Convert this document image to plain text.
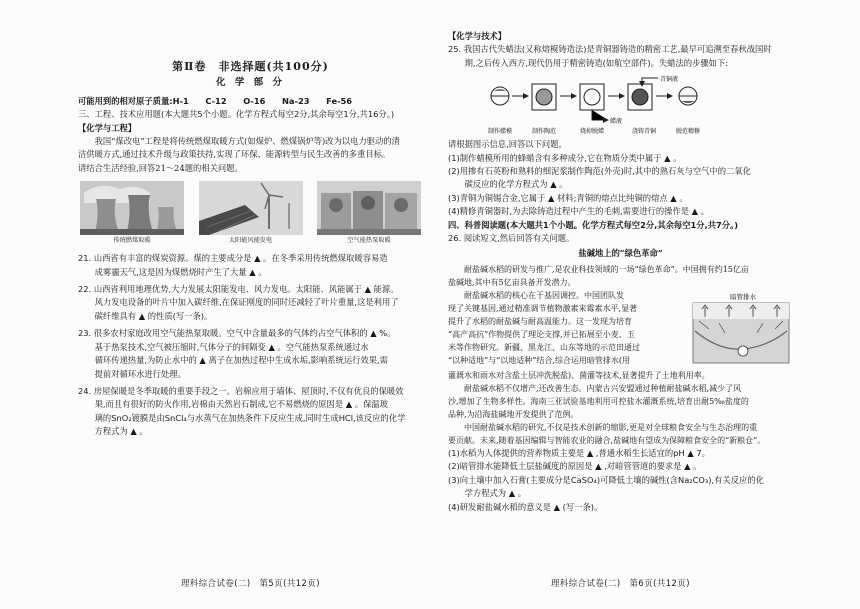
第Ⅱ卷　非选择题(共100分)

化 学 部 分

可能用到的相对原子质量:H-1　　C-12　　O-16　　Na-23　　Fe-56

三、工程、技术应用题(本大题共5个小题。化学方程式每空2分,其余每空1分,共16分。)

【化学与工程】

我国“煤改电”工程是将传统燃煤取暖方式(如煤炉、燃煤锅炉等)改为以电力驱动的清

洁供暖方式,通过技术升级与政策扶持,实现了环保、能源转型与民生改善的多重目标。

请结合生活经验,回答21～24题的相关问题。

传统燃煤取暖	太阳能风能发电	空气能热泵取暖

21. 山西省有丰富的煤炭资源。煤的主要成分是 ▲ 。在冬季采用传统燃煤取暖容易造

成雾霾天气,这是因为煤燃烧时产生了大量 ▲ 。

22. 山西省利用地理优势,大力发展太阳能发电、风力发电。太阳能、风能属于 ▲ 能源。

风力发电设备的叶片中加入碳纤维,在保证刚度的同时还减轻了叶片重量,这是利用了

碳纤维具有 ▲ 的性质(写一条)。

23. 很多农村家庭改用空气能热泵取暖。空气中含量最多的气体约占空气体积的 ▲ %。

基于热泵技术,空气被压缩时,气体分子的间隔变 ▲ 。空气能热泵系统通过水

循环传递热量,为防止水中的 ▲ 离子在加热过程中生成水垢,影响系统运行效果,需

提前对循环水进行处理。

24. 房屋保暖是冬季取暖的重要手段之一。岩棉应用于墙体、屋顶时,不仅有优良的保暖效

果,而且有很好的防火作用,岩棉由天然岩石制成,它不易燃烧的原因是 ▲ 。保温玻

璃的SnO₂镀膜是由SnCl₄与水蒸气在加热条件下反应生成,同时生成HCl,该反应的化学

方程式为 ▲ 。

理科综合试卷(二)　第5页(共12页)

【化学与技术】

25. 我国古代失蜡法(又称熔模铸造法)是青铜器铸造的精密工艺,最早可追溯至春秋战国时

期,之后传入西方,现代仍用于精密铸造(如航空部件)。失蜡法的步骤如下:

青铜液
蜡液
制作蜡模	制作陶范	烧掉脱蜡	浇铸青铜	脱范精修

请根据图示信息,回答以下问题。

(1)制作蜡模所用的蜂蜡含有多种成分,它在物质分类中属于 ▲ 。

(2)用掺有石英粉和熟料的细泥浆制作陶范(外壳)时,其中的熟石灰与空气中的二氧化

　　碳反应的化学方程式为 ▲ 。

(3)青铜为铜锡合金,它属于 ▲ 材料;青铜的熔点比纯铜的熔点 ▲ 。

(4)精修青铜器时,为去除铸造过程中产生的毛刺,需要进行的操作是 ▲ 。

四、科普阅读题(本大题共1个小题。化学方程式每空2分,其余每空1分,共7分。)

26. 阅读短文,然后回答有关问题。

盐碱地上的“绿色革命”

耐盐碱水稻的研发与推广,是农业科技领域的一场“绿色革命”。中国拥有约15亿亩

盐碱地,其中有5亿亩具备开发潜力。

暗管排水

耐盐碱水稻的核心在于基因调控。中国团队发

现了关键基因,通过精准调节植物激素来霉素水平,显著

提升了水稻的耐盐碱与耐高温能力。这一发现为培育

“高产高抗”作物提供了理论支撑,并已拓展至小麦、玉

米等作物研究。新疆、黑龙江、山东等地的示范田通过

“以种适地”与“以地适种”结合,综合运用暗管排水(用

灌溉水和雨水对含盐土层冲洗脱盐)、菌灌等技术,显著提升了土地利用率。

耐盐碱水稻不仅增产,还改善生态。内蒙古兴安盟通过种植耐盐碱水稻,减少了风

沙,增加了生物多样性。海南三亚试验基地利用可控盐水灌溉系统,培育出耐5‰盐度的

品种,为沿海盐碱地开发提供了范例。

中国耐盐碱水稻的研究,不仅是技术创新的缩影,更是对全球粮食安全与生态治理的重

要贡献。未来,随着基因编辑与智能农业的融合,盐碱地有望成为保障粮食安全的“新粮仓”。

(1)水稻为人体提供的营养物质主要是 ▲ ,普通水稻生长适宜的pH ▲ 7。

(2)暗管排水能降低土层盐碱度的原因是 ▲ ,对暗管管道的要求是 ▲ 。

(3)向土壤中加入石膏(主要成分是CaSO₄)可降低土壤的碱性(含Na₂CO₃),有关反应的化

　　学方程式为 ▲ 。

(4)研发耐盐碱水稻的意义是 ▲ (写一条)。

理科综合试卷(二)　第6页(共12页)
